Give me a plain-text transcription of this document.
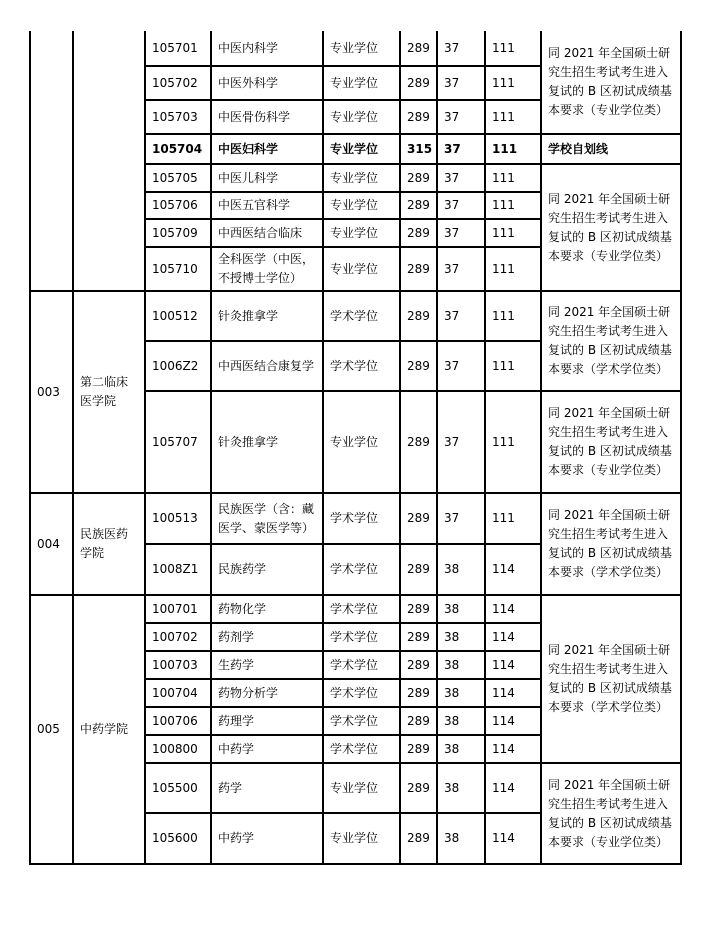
		105701	中医内科学	专业学位	289	37	111	同 2021 年全国硕士研究生招生考试考生进入复试的 B 区初试成绩基本要求（专业学位类）
		105702	中医外科学	专业学位	289	37	111	
		105703	中医骨伤科学	专业学位	289	37	111	
		105704	中医妇科学	专业学位	315	37	111	学校自划线
		105705	中医儿科学	专业学位	289	37	111	同 2021 年全国硕士研究生招生考试考生进入复试的 B 区初试成绩基本要求（专业学位类）
		105706	中医五官科学	专业学位	289	37	111	
		105709	中西医结合临床	专业学位	289	37	111	
		105710	全科医学（中医，不授博士学位）	专业学位	289	37	111	
003	第二临床医学院	100512	针灸推拿学	学术学位	289	37	111	同 2021 年全国硕士研究生招生考试考生进入复试的 B 区初试成绩基本要求（学术学位类）
		1006Z2	中西医结合康复学	学术学位	289	37	111	
		105707	针灸推拿学	专业学位	289	37	111	同 2021 年全国硕士研究生招生考试考生进入复试的 B 区初试成绩基本要求（专业学位类）
004	民族医药学院	100513	民族医学（含：藏医学、蒙医学等）	学术学位	289	37	111	同 2021 年全国硕士研究生招生考试考生进入复试的 B 区初试成绩基本要求（学术学位类）
		1008Z1	民族药学	学术学位	289	38	114	
005	中药学院	100701	药物化学	学术学位	289	38	114	同 2021 年全国硕士研究生招生考试考生进入复试的 B 区初试成绩基本要求（学术学位类）
		100702	药剂学	学术学位	289	38	114	
		100703	生药学	学术学位	289	38	114	
		100704	药物分析学	学术学位	289	38	114	
		100706	药理学	学术学位	289	38	114	
		100800	中药学	学术学位	289	38	114	
		105500	药学	专业学位	289	38	114	同 2021 年全国硕士研究生招生考试考生进入复试的 B 区初试成绩基本要求（专业学位类）
		105600	中药学	专业学位	289	38	114	
